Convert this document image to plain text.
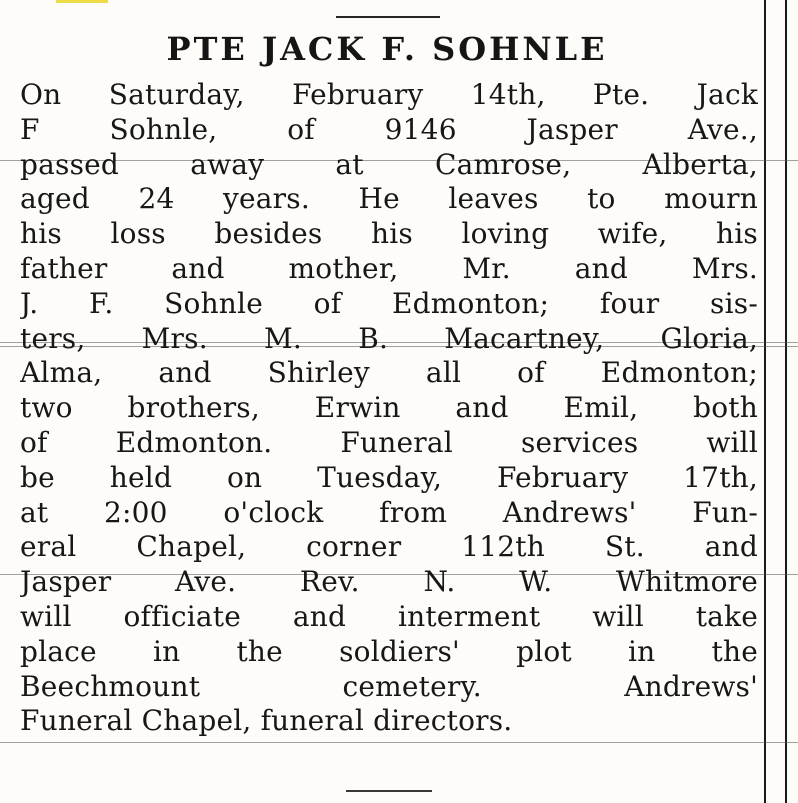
PTE JACK F. SOHNLE
On Saturday, February 14th, Pte. Jack
F Sohnle, of 9146 Jasper Ave.,
passed away at Camrose, Alberta,
aged 24 years. He leaves to mourn
his loss besides his loving wife, his
father and mother, Mr. and Mrs.
J. F. Sohnle of Edmonton; four sis-
ters, Mrs. M. B. Macartney, Gloria,
Alma, and Shirley all of Edmonton;
two brothers, Erwin and Emil, both
of Edmonton. Funeral services will
be held on Tuesday, February 17th,
at 2:00 o'clock from Andrews' Fun-
eral Chapel, corner 112th St. and
Jasper Ave. Rev. N. W. Whitmore
will officiate and interment will take
place in the soldiers' plot in the
Beechmount cemetery. Andrews'
Funeral Chapel, funeral directors.
